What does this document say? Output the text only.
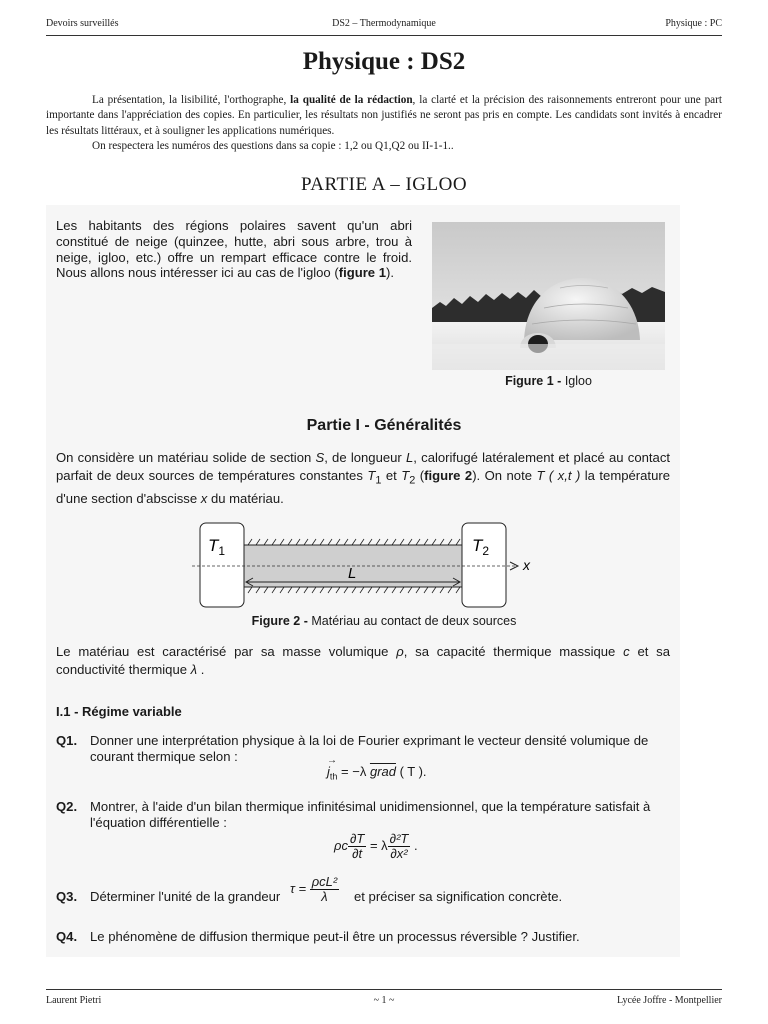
Devoirs surveillés	DS2 – Thermodynamique	Physique : PC
Physique : DS2

La présentation, la lisibilité, l'orthographe, la qualité de la rédaction, la clarté et la précision des raisonnements entreront pour une part importante dans l'appréciation des copies. En particulier, les résultats non justifiés ne seront pas pris en compte. Les candidats sont invités à encadrer les résultats littéraux, et à souligner les applications numériques.

On respectera les numéros des questions dans sa copie : 1,2 ou Q1,Q2 ou II-1-1..

PARTIE A – IGLOO
Les habitants des régions polaires savent qu'un abri constitué de neige (quinzee, hutte, abri sous arbre, trou à neige, igloo, etc.) offre un rempart efficace contre le froid. Nous allons nous intéresser ici au cas de l'igloo (figure 1).
Figure 1 - Igloo
Partie I - Généralités
On considère un matériau solide de section S, de longueur L, calorifugé latéralement et placé au contact parfait de deux sources de températures constantes $T_1$ et $T_2$ (figure 2). On note T ( x,t ) la température d'une section d'abscisse x du matériau.
$T_1$	$T_2$
L	x
Figure 2 - Matériau au contact de deux sources
Le matériau est caractérisé par sa masse volumique ρ, sa capacité thermique massique c et sa conductivité thermique λ .
I.1 - Régime variable
Q1. Donner une interprétation physique à la loi de Fourier exprimant le vecteur densité volumique de courant thermique selon :	→
$j_{th} = -\lambda$ grad ( T ).
Q2. Montrer, à l'aide d'un bilan thermique infinitésimal unidimensionnel, que la température satisfait à l'équation différentielle :
ρc $\frac{\partial T}{\partial t} = \lambda \frac{\text{∂²T}}{\text{∂x²}}$ .
Q3. Déterminer l'unité de la grandeur
$\tau = \frac{\text{ρcL²}}{\lambda}$ et préciser sa signification concrète.
Q4. Le phénomène de diffusion thermique peut-il être un processus réversible ? Justifier.
Laurent Pietri	~ 1 ~	Lycée Joffre - Montpellier
